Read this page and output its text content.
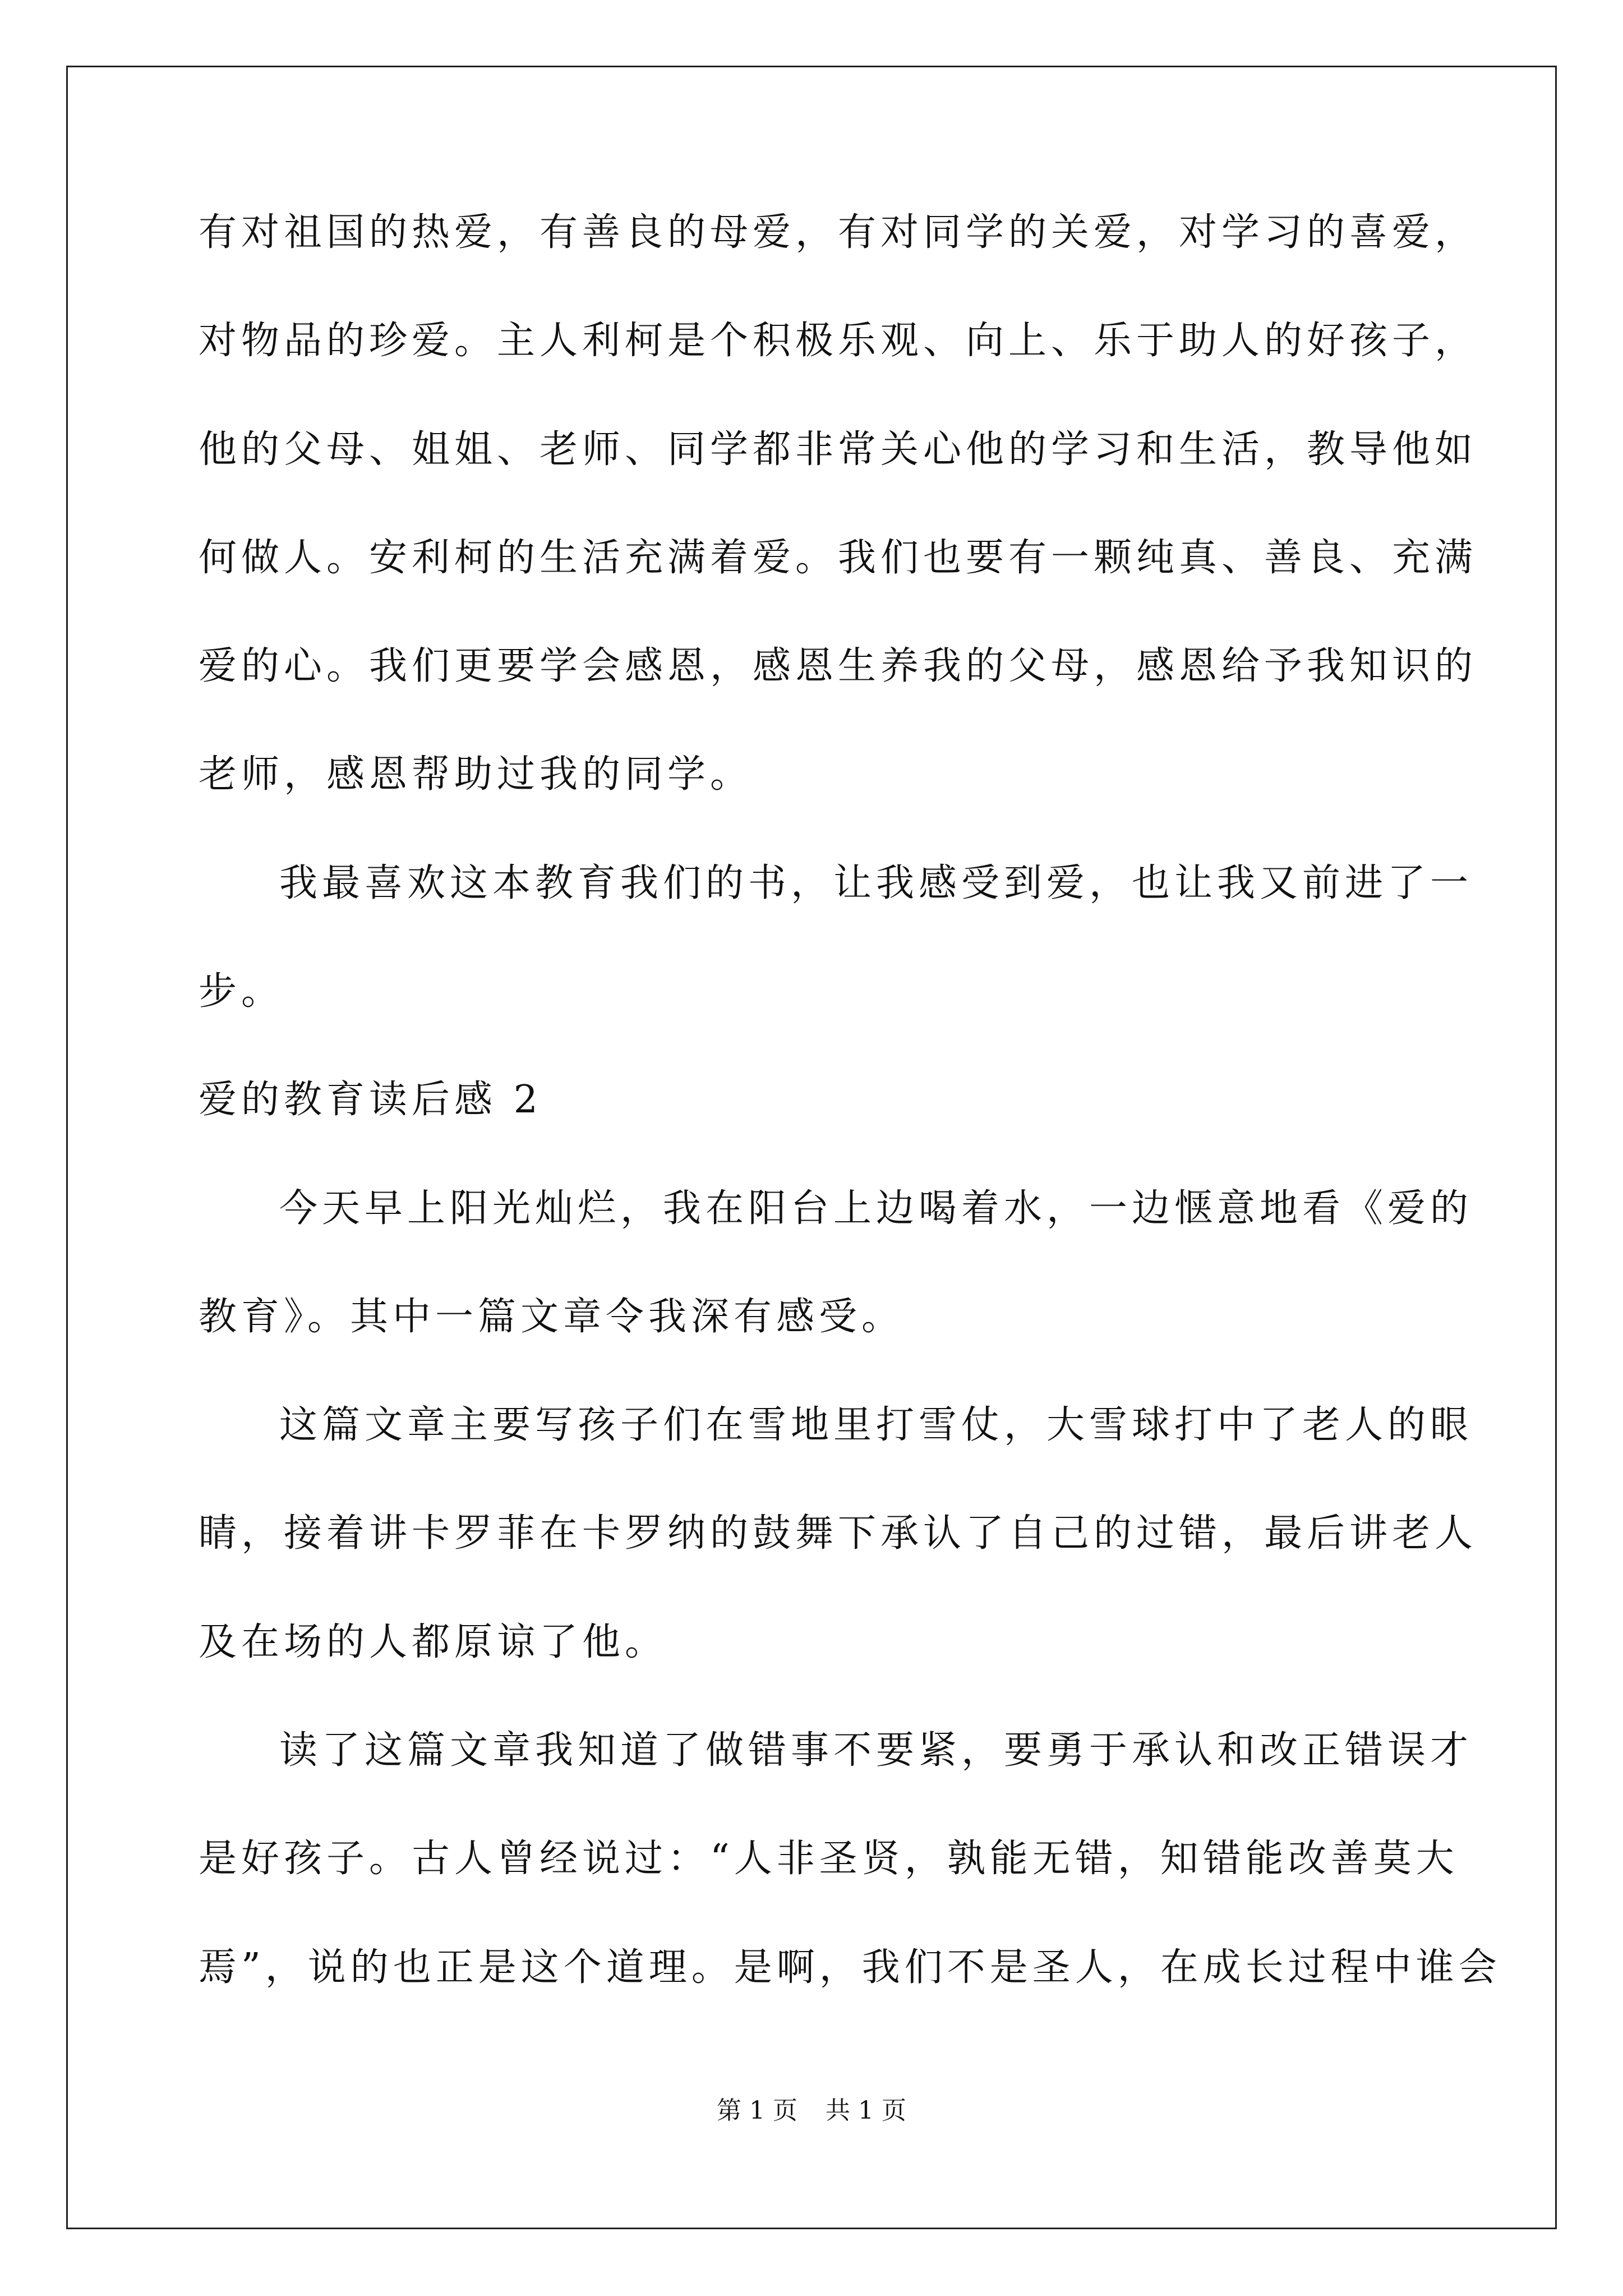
有对祖国的热爱，有善良的母爱，有对同学的关爱，对学习的喜爱，
对物品的珍爱。主人利柯是个积极乐观、向上、乐于助人的好孩子，
他的父母、姐姐、老师、同学都非常关心他的学习和生活，教导他如
何做人。安利柯的生活充满着爱。我们也要有一颗纯真、善良、充满
爱的心。我们更要学会感恩，感恩生养我的父母，感恩给予我知识的
老师，感恩帮助过我的同学。
我最喜欢这本教育我们的书，让我感受到爱，也让我又前进了一
步。
爱的教育读后感 2
今天早上阳光灿烂，我在阳台上边喝着水，一边惬意地看《爱的
教育》。其中一篇文章令我深有感受。
这篇文章主要写孩子们在雪地里打雪仗，大雪球打中了老人的眼
睛，接着讲卡罗菲在卡罗纳的鼓舞下承认了自己的过错，最后讲老人
及在场的人都原谅了他。
读了这篇文章我知道了做错事不要紧，要勇于承认和改正错误才
是好孩子。古人曾经说过：“人非圣贤，孰能无错，知错能改善莫大
焉”，说的也正是这个道理。是啊，我们不是圣人，在成长过程中谁会
第 1 页 共 1 页
